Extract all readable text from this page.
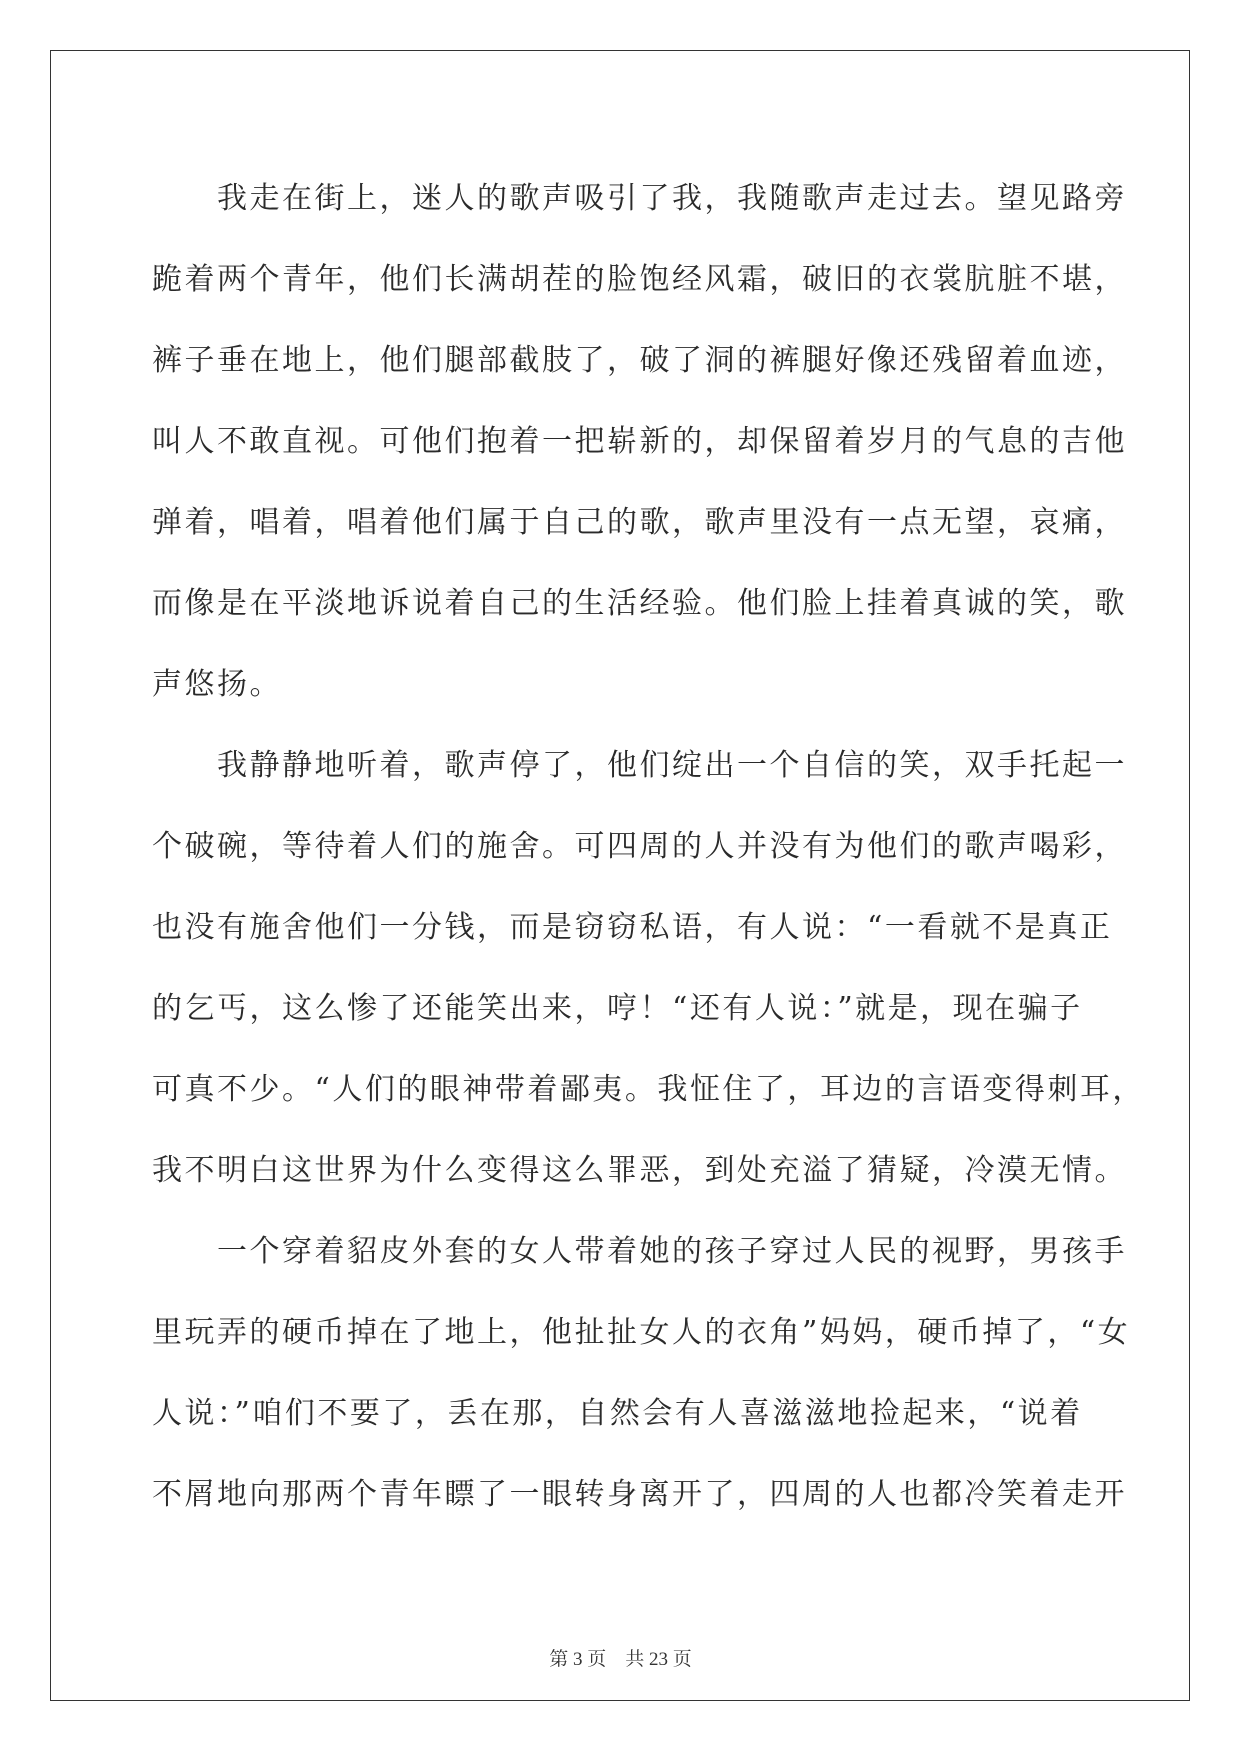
我走在街上，迷人的歌声吸引了我，我随歌声走过去。望见路旁
跪着两个青年，他们长满胡茬的脸饱经风霜，破旧的衣裳肮脏不堪，
裤子垂在地上，他们腿部截肢了，破了洞的裤腿好像还残留着血迹，
叫人不敢直视。可他们抱着一把崭新的，却保留着岁月的气息的吉他
弹着，唱着，唱着他们属于自己的歌，歌声里没有一点无望，哀痛，
而像是在平淡地诉说着自己的生活经验。他们脸上挂着真诚的笑，歌
声悠扬。
我静静地听着，歌声停了，他们绽出一个自信的笑，双手托起一
个破碗，等待着人们的施舍。可四周的人并没有为他们的歌声喝彩，
也没有施舍他们一分钱，而是窃窃私语，有人说：“一看就不是真正
的乞丐，这么惨了还能笑出来，哼！“还有人说：”就是，现在骗子
可真不少。“人们的眼神带着鄙夷。我怔住了，耳边的言语变得刺耳，
我不明白这世界为什么变得这么罪恶，到处充溢了猜疑，冷漠无情。
一个穿着貂皮外套的女人带着她的孩子穿过人民的视野，男孩手
里玩弄的硬币掉在了地上，他扯扯女人的衣角”妈妈，硬币掉了，“女
人说：”咱们不要了，丢在那，自然会有人喜滋滋地捡起来，“说着
不屑地向那两个青年瞟了一眼转身离开了，四周的人也都冷笑着走开
第 3 页 共 23 页
